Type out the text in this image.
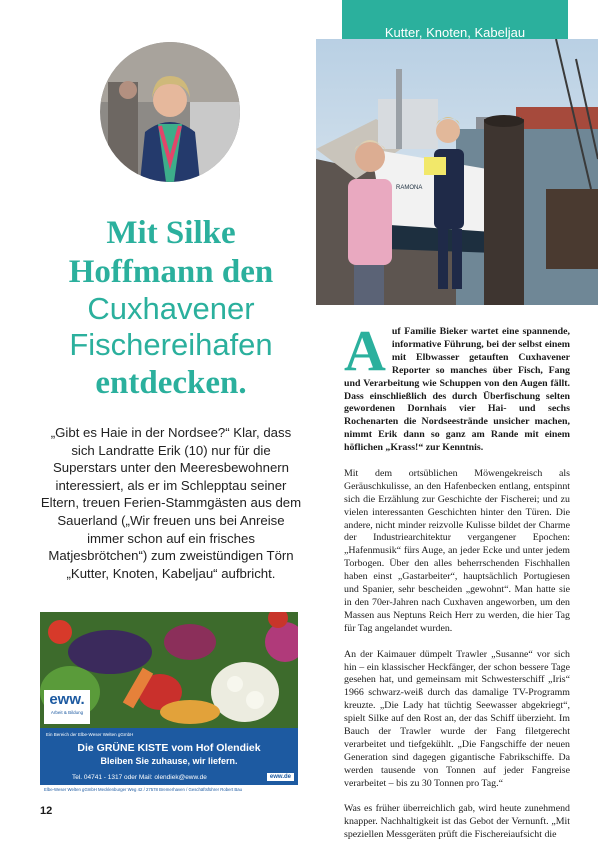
Kutter, Knoten, Kabeljau
RAMONA
Mit Silke
Hoffmann den
Cuxhavener
Fischereihafen
entdecken.
„Gibt es Haie in der Nordsee?“ Klar, dass sich Landratte Erik (10) nur für die Superstars unter den Meeresbewohnern interessiert, als er im Schlepptau seiner Eltern, treuen Ferien-Stammgästen aus dem Sauerland („Wir freuen uns bei Anreise immer schon auf ein frisches Matjesbrötchen“) zum zweistündigen Törn „Kutter, Knoten, Kabeljau“ aufbricht.
eww.
Arbeit & Bildung
Ein Bereich der Elbe-Weser Welten gGmbH
Die GRÜNE KISTE vom Hof Olendiek
Bleiben Sie zuhause, wir liefern.
Tel. 04741 - 1317 oder Mail: olendiek@eww.de	eww.de
Elbe-Weser Welten gGmbH Mecklenburger Weg 42 / 27578 Bremerhaven / Geschäftsführer Robert Bau
12

Auf Familie Bieker wartet eine spannende, informative Führung, bei der selbst einem mit Elbwasser getauften Cuxhavener Reporter so manches über Fisch, Fang und Verarbeitung wie Schuppen von den Augen fällt. Dass einschließlich des durch Überfischung selten gewordenen Dornhais vier Hai- und sechs Rochenarten die Nordseestrände unsicher machen, nimmt Erik dann so ganz am Rande mit einem höflichen „Krass!“ zur Kenntnis.

Mit dem ortsüblichen Möwengekreisch als Geräuschkulisse, an den Hafenbecken entlang, entspinnt sich die Erzählung zur Geschichte der Fischerei; und zu vielen interessanten Geschichten hinter den Türen. Die andere, nicht minder reizvolle Kulisse bildet der Charme der Industriearchitektur vergangener Epochen: „Hafenmusik“ fürs Auge, an jeder Ecke und unter jedem Torbogen. Über den alles beherrschenden Fischhallen haben einst „Gastarbeiter“, hauptsächlich Portugiesen und Spanier, sehr bescheiden „gewohnt“. Man hatte sie in den 70er-Jahren nach Cuxhaven angeworben, um den Massen aus Neptuns Reich Herr zu werden, die hier Tag für Tag angelandet wurden.

An der Kaimauer dümpelt Trawler „Susanne“ vor sich hin – ein klassischer Heckfänger, der schon bessere Tage gesehen hat, und gemeinsam mit Schwesterschiff „Iris“ 1966 schwarz-weiß durch das damalige TV-Programm kreuzte. „Die Lady hat tüchtig Seewasser abgekriegt“, spielt Silke auf den Rost an, der das Schiff überzieht. Im Bauch der Trawler wurde der Fang filetgerecht verarbeitet und tiefgekühlt. „Die Fangschiffe der neuen Generation sind dagegen gigantische Fabrikschiffe. Da werden tausende von Tonnen auf jeder Fangreise verarbeitet – bis zu 30 Tonnen pro Tag.“

Was es früher überreichlich gab, wird heute zunehmend knapper. Nachhaltigkeit ist das Gebot der Vernunft. „Mit speziellen Messgeräten prüft die Fischereiaufsicht die
